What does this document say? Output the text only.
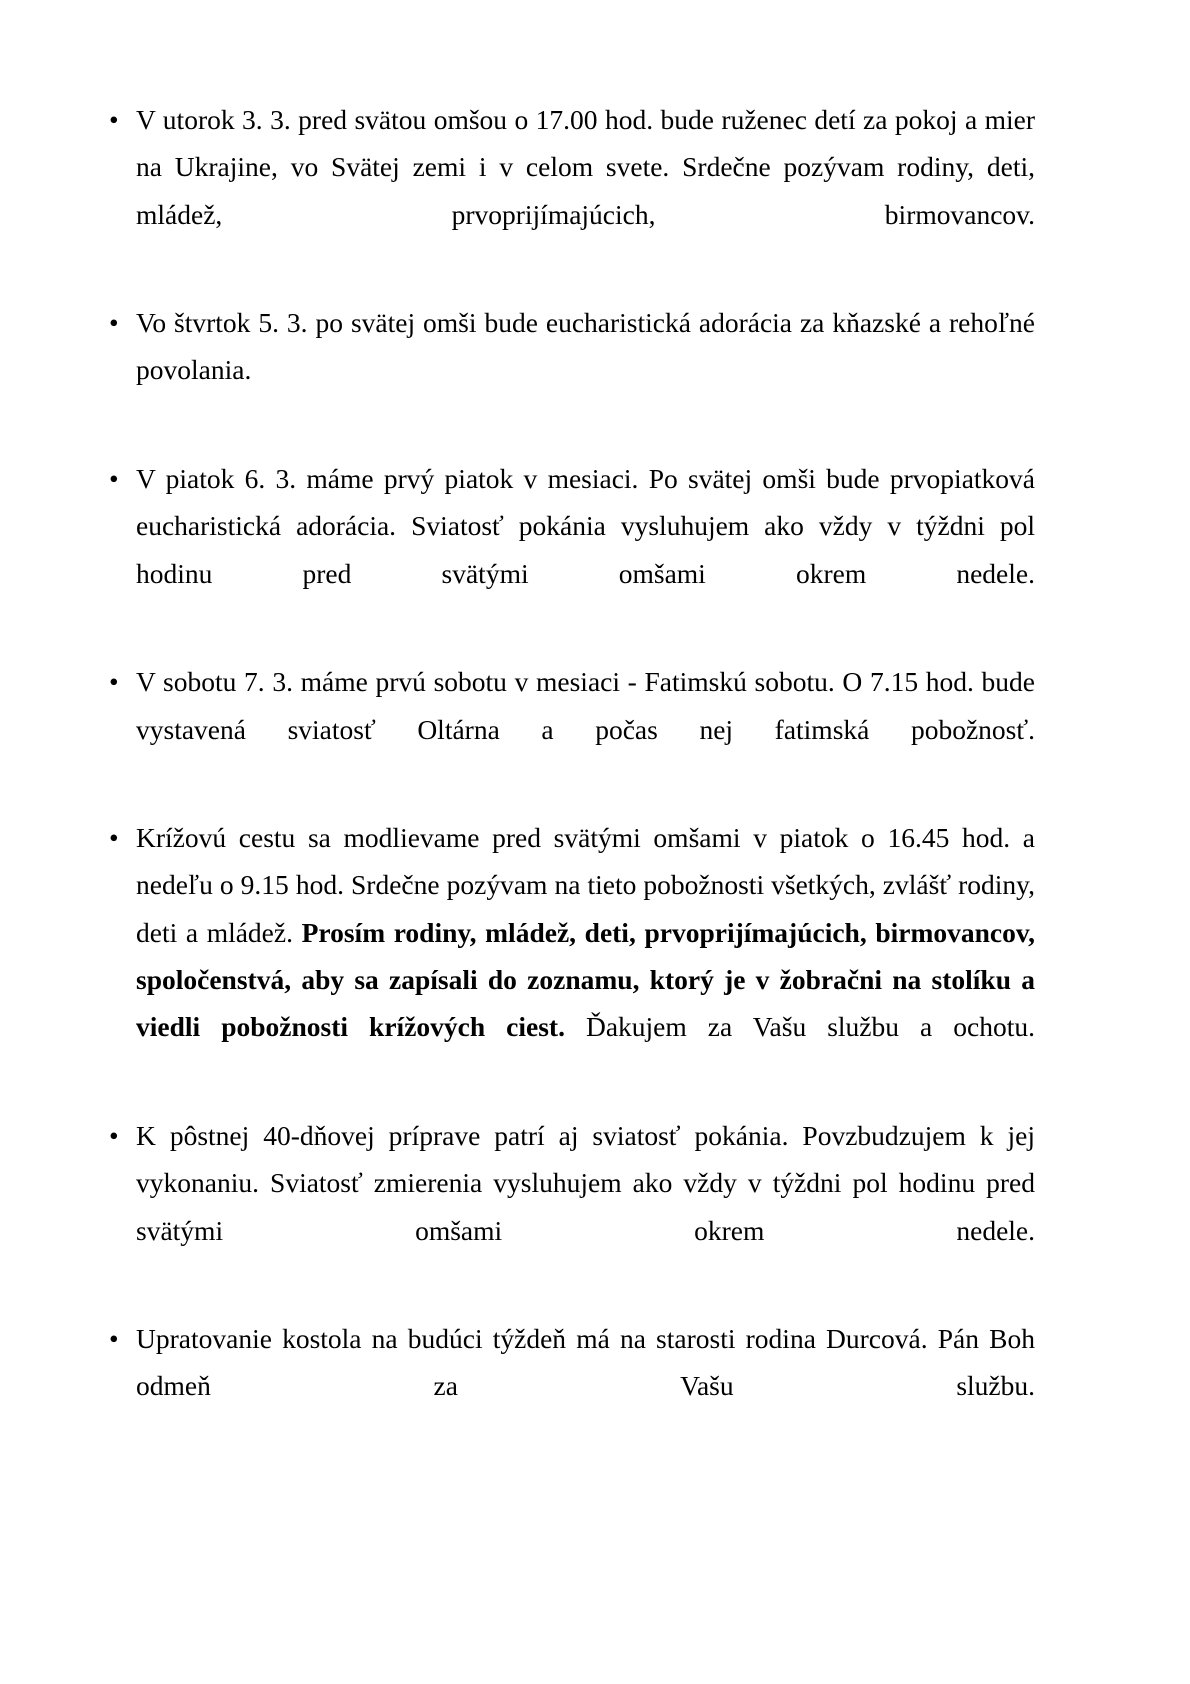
• V utorok 3. 3. pred svätou omšou o 17.00 hod. bude ruženec detí za pokoj a mier na Ukrajine, vo Svätej zemi i v celom svete. Srdečne pozývam rodiny, deti, mládež, prvoprijímajúcich, birmovancov.
• Vo štvrtok 5. 3. po svätej omši bude eucharistická adorácia za kňazské a rehoľné povolania.
• V piatok 6. 3. máme prvý piatok v mesiaci. Po svätej omši bude prvopiatková eucharistická adorácia. Sviatosť pokánia vysluhujem ako vždy v týždni pol hodinu pred svätými omšami okrem nedele.
• V sobotu 7. 3. máme prvú sobotu v mesiaci - Fatimskú sobotu. O 7.15 hod. bude vystavená sviatosť Oltárna a počas nej fatimská pobožnosť.
• Krížovú cestu sa modlievame pred svätými omšami v piatok o 16.45 hod. a nedeľu o 9.15 hod. Srdečne pozývam na tieto pobožnosti všetkých, zvlášť rodiny, deti a mládež. Prosím rodiny, mládež, deti, prvoprijímajúcich, birmovancov, spoločenstvá, aby sa zapísali do zoznamu, ktorý je v žobračni na stolíku a viedli pobožnosti krížových ciest. Ďakujem za Vašu službu a ochotu.
• K pôstnej 40-dňovej príprave patrí aj sviatosť pokánia. Povzbudzujem k jej vykonaniu. Sviatosť zmierenia vysluhujem ako vždy v týždni pol hodinu pred svätými omšami okrem nedele.
• Upratovanie kostola na budúci týždeň má na starosti rodina Durcová. Pán Boh odmeň za Vašu službu.
